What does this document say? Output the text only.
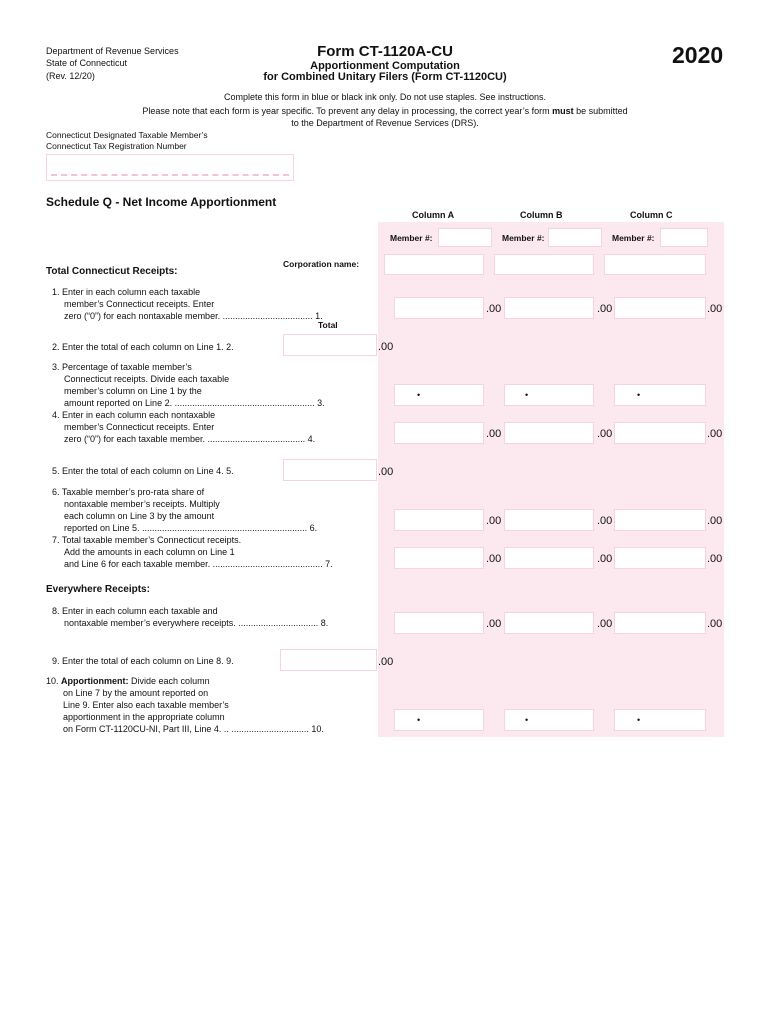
Department of Revenue Services
State of Connecticut
(Rev. 12/20)
Form CT-1120A-CU
Apportionment Computation
for Combined Unitary Filers (Form CT-1120CU)
2020
Complete this form in blue or black ink only. Do not use staples. See instructions.
Please note that each form is year specific. To prevent any delay in processing, the correct year’s form must be submitted
to the Department of Revenue Services (DRS).
Connecticut Designated Taxable Member’s
Connecticut Tax Registration Number
Schedule Q - Net Income Apportionment
Column A	Column B	Column C
Member #:	Member #:	Member #:
Corporation name:
Total Connecticut Receipts:
1. Enter in each column each taxable
member’s Connecticut receipts. Enter
zero (“0”) for each nontaxable member. .................................... 1.
.00	.00	.00
Total
2. Enter the total of each column on Line 1. 2.	.00
3. Percentage of taxable member’s
Connecticut receipts. Divide each taxable
member’s column on Line 1 by the
amount reported on Line 2. ........................................................ 3.
•	•	•
4. Enter in each column each nontaxable
member’s Connecticut receipts. Enter
zero (“0”) for each taxable member. ....................................... 4.	.00	.00	.00
5. Enter the total of each column on Line 4. 5.	.00
6. Taxable member’s pro-rata share of
nontaxable member’s receipts. Multiply
each column on Line 3 by the amount
reported on Line 5. .................................................................. 6.
.00	.00	.00
7. Total taxable member’s Connecticut receipts.
Add the amounts in each column on Line 1
and Line 6 for each taxable member. ............................................ 7.	.00	.00	.00
Everywhere Receipts:
8. Enter in each column each taxable and
nontaxable member’s everywhere receipts. ................................ 8.	.00	.00	.00
9. Enter the total of each column on Line 8. 9.	.00
10. Apportionment: Divide each column
on Line 7 by the amount reported on
Line 9. Enter also each taxable member’s
apportionment in the appropriate column
on Form CT-1120CU-NI, Part III, Line 4. .. ............................... 10.
•	•	•
